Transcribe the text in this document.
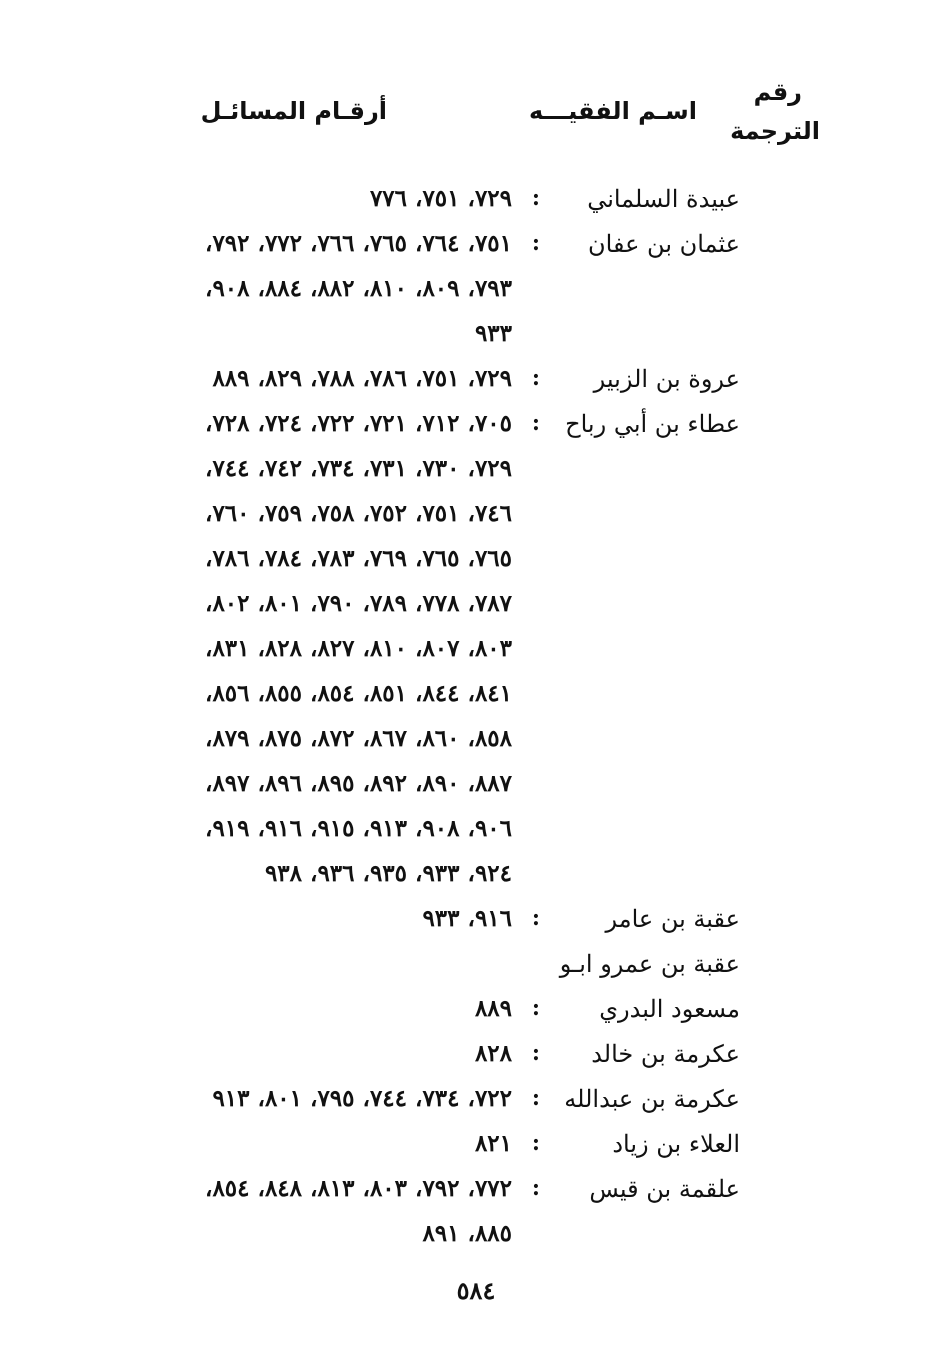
رقم
الترجمة
اسـم الفقيـــه
أرقـام المسائـل
عبيدة السلماني
:
٧٢٩، ٧٥١، ٧٧٦
عثمان بن عفان
:
٧٥١، ٧٦٤، ٧٦٥، ٧٦٦، ٧٧٢، ٧٩٢،
٧٩٣، ٨٠٩، ٨١٠، ٨٨٢، ٨٨٤، ٩٠٨،
٩٣٣
عروة بن الزبير
:
٧٢٩، ٧٥١، ٧٨٦، ٧٨٨، ٨٢٩، ٨٨٩
عطاء بن أبي رباح
:
٧٠٥، ٧١٢، ٧٢١، ٧٢٢، ٧٢٤، ٧٢٨،
٧٢٩، ٧٣٠، ٧٣١، ٧٣٤، ٧٤٢، ٧٤٤،
٧٤٦، ٧٥١، ٧٥٢، ٧٥٨، ٧٥٩، ٧٦٠،
٧٦٥، ٧٦٥، ٧٦٩، ٧٨٣، ٧٨٤، ٧٨٦،
٧٨٧، ٧٧٨، ٧٨٩، ٧٩٠، ٨٠١، ٨٠٢،
٨٠٣، ٨٠٧، ٨١٠، ٨٢٧، ٨٢٨، ٨٣١،
٨٤١، ٨٤٤، ٨٥١، ٨٥٤، ٨٥٥، ٨٥٦،
٨٥٨، ٨٦٠، ٨٦٧، ٨٧٢، ٨٧٥، ٨٧٩،
٨٨٧، ٨٩٠، ٨٩٢، ٨٩٥، ٨٩٦، ٨٩٧،
٩٠٦، ٩٠٨، ٩١٣، ٩١٥، ٩١٦، ٩١٩،
٩٢٤، ٩٣٣، ٩٣٥، ٩٣٦، ٩٣٨
عقبة بن عامر
:
٩١٦، ٩٣٣
عقبة بن عمرو ابـو
مسعود البدري
:
٨٨٩
عكرمة بن خالد
:
٨٢٨
عكرمة بن عبدالله
:
٧٢٢، ٧٣٤، ٧٤٤، ٧٩٥، ٨٠١، ٩١٣
العلاء بن زياد
:
٨٢١
علقمة بن قيس
:
٧٧٢، ٧٩٢، ٨٠٣، ٨١٣، ٨٤٨، ٨٥٤،
٨٨٥، ٨٩١
٥٨٤
